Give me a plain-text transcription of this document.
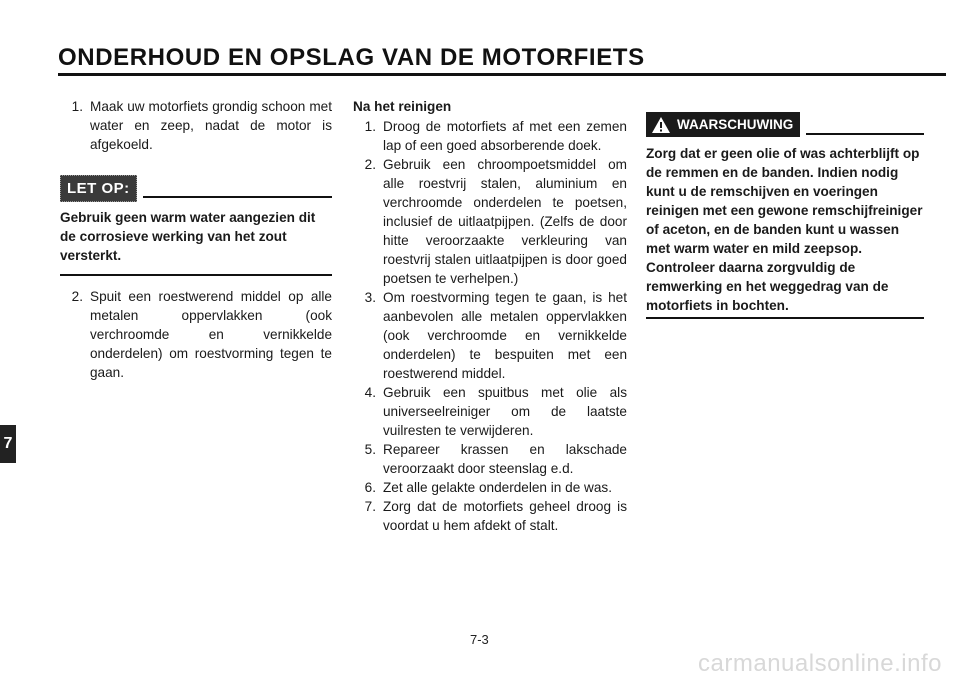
ONDERHOUD EN OPSLAG VAN DE MOTORFIETS
1. Maak uw motorfiets grondig schoon met water en zeep, nadat de motor is afgekoeld.
LET OP:
Gebruik geen warm water aangezien dit de corrosieve werking van het zout versterkt.
2. Spuit een roestwerend middel op alle metalen oppervlakken (ook verchroomde en vernikkelde onderdelen) om roestvorming tegen te gaan.
Na het reinigen
1. Droog de motorfiets af met een zemen lap of een goed absorberende doek.
2. Gebruik een chroompoetsmiddel om alle roestvrij stalen, aluminium en verchroomde onderdelen te poetsen, inclusief de uitlaatpijpen. (Zelfs de door hitte veroorzaakte verkleuring van roestvrij stalen uitlaatpijpen is door goed poetsen te verhelpen.)
3. Om roestvorming tegen te gaan, is het aanbevolen alle metalen oppervlakken (ook verchroomde en vernikkelde onderdelen) te bespuiten met een roestwerend middel.
4. Gebruik een spuitbus met olie als universeelreiniger om de laatste vuilresten te verwijderen.
5. Repareer krassen en lakschade veroorzaakt door steenslag e.d.
6. Zet alle gelakte onderdelen in de was.
7. Zorg dat de motorfiets geheel droog is voordat u hem afdekt of stalt.
WAARSCHUWING
Zorg dat er geen olie of was achterblijft op de remmen en de banden. Indien nodig kunt u de remschijven en voeringen reinigen met een gewone remschijfreiniger of aceton, en de banden kunt u wassen met warm water en mild zeepsop. Controleer daarna zorgvuldig de remwerking en het weggedrag van de motorfiets in bochten.
7
7-3
carmanualsonline.info
